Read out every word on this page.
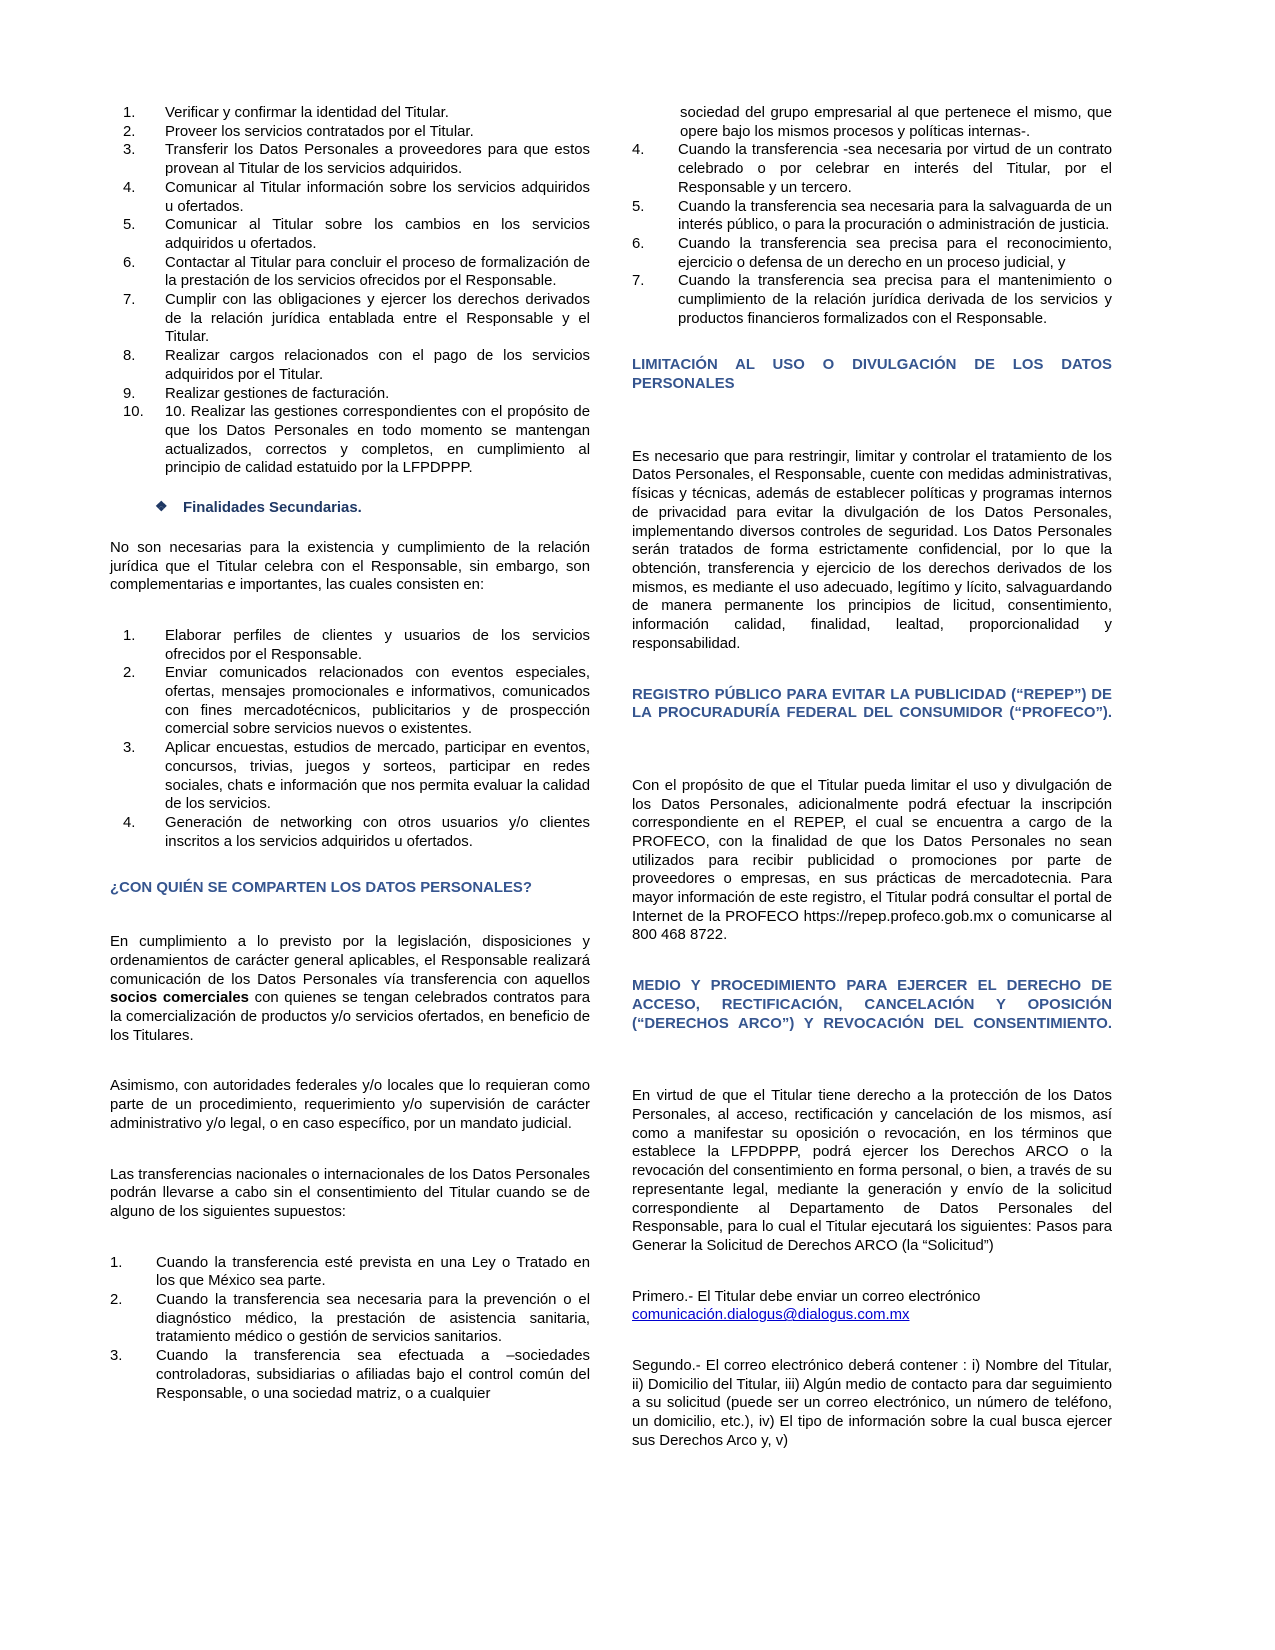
1.	Verificar y confirmar la identidad del Titular.
2.	Proveer los servicios contratados por el Titular.
3.	Transferir los Datos Personales a proveedores para que estos provean al Titular de los servicios adquiridos.
4.	Comunicar al Titular información sobre los servicios adquiridos u ofertados.
5.	Comunicar al Titular sobre los cambios en los servicios adquiridos u ofertados.
6.	Contactar al Titular para concluir el proceso de formalización de la prestación de los servicios ofrecidos por el Responsable.
7.	Cumplir con las obligaciones y ejercer los derechos derivados de la relación jurídica entablada entre el Responsable y el Titular.
8.	Realizar cargos relacionados con el pago de los servicios adquiridos por el Titular.
9.	Realizar gestiones de facturación.
10.	10. Realizar las gestiones correspondientes con el propósito de que los Datos Personales en todo momento se mantengan actualizados, correctos y completos, en cumplimiento al principio de calidad estatuido por la LFPDPPP.
❖ Finalidades Secundarias.

No son necesarias para la existencia y cumplimiento de la relación jurídica que el Titular celebra con el Responsable, sin embargo, son complementarias e importantes, las cuales consisten en:

1.	Elaborar perfiles de clientes y usuarios de los servicios ofrecidos por el Responsable.
2.	Enviar comunicados relacionados con eventos especiales, ofertas, mensajes promocionales e informativos, comunicados con fines mercadotécnicos, publicitarios y de prospección comercial sobre servicios nuevos o existentes.
3.	Aplicar encuestas, estudios de mercado, participar en eventos, concursos, trivias, juegos y sorteos, participar en redes sociales, chats e información que nos permita evaluar la calidad de los servicios.
4.	Generación de networking con otros usuarios y/o clientes inscritos a los servicios adquiridos u ofertados.
¿CON QUIÉN SE COMPARTEN LOS DATOS PERSONALES?

En cumplimiento a lo previsto por la legislación, disposiciones y ordenamientos de carácter general aplicables, el Responsable realizará comunicación de los Datos Personales vía transferencia con aquellos socios comerciales con quienes se tengan celebrados contratos para la comercialización de productos y/o servicios ofertados, en beneficio de los Titulares.

Asimismo, con autoridades federales y/o locales que lo requieran como parte de un procedimiento, requerimiento y/o supervisión de carácter administrativo y/o legal, o en caso específico, por un mandato judicial.

Las transferencias nacionales o internacionales de los Datos Personales podrán llevarse a cabo sin el consentimiento del Titular cuando se de alguno de los siguientes supuestos:

1.	Cuando la transferencia esté prevista en una Ley o Tratado en los que México sea parte.
2.	Cuando la transferencia sea necesaria para la prevención o el diagnóstico médico, la prestación de asistencia sanitaria, tratamiento médico o gestión de servicios sanitarios.
3.	Cuando la transferencia sea efectuada a –sociedades controladoras, subsidiarias o afiliadas bajo el control común del Responsable, o una sociedad matriz, o a cualquier
sociedad del grupo empresarial al que pertenece el mismo, que opere bajo los mismos procesos y políticas internas-.
4.	Cuando la transferencia -sea necesaria por virtud de un contrato celebrado o por celebrar en interés del Titular, por el Responsable y un tercero.
5.	Cuando la transferencia sea necesaria para la salvaguarda de un interés público, o para la procuración o administración de justicia.
6.	Cuando la transferencia sea precisa para el reconocimiento, ejercicio o defensa de un derecho en un proceso judicial, y
7.	Cuando la transferencia sea precisa para el mantenimiento o cumplimiento de la relación jurídica derivada de los servicios y productos financieros formalizados con el Responsable.
LIMITACIÓN AL USO O DIVULGACIÓN DE LOS DATOS PERSONALES

Es necesario que para restringir, limitar y controlar el tratamiento de los Datos Personales, el Responsable, cuente con medidas administrativas, físicas y técnicas, además de establecer políticas y programas internos de privacidad para evitar la divulgación de los Datos Personales, implementando diversos controles de seguridad. Los Datos Personales serán tratados de forma estrictamente confidencial, por lo que la obtención, transferencia y ejercicio de los derechos derivados de los mismos, es mediante el uso adecuado, legítimo y lícito, salvaguardando de manera permanente los principios de licitud, consentimiento, información calidad, finalidad, lealtad, proporcionalidad y responsabilidad.

REGISTRO PÚBLICO PARA EVITAR LA PUBLICIDAD (“REPEP”) DE LA PROCURADURÍA FEDERAL DEL CONSUMIDOR (“PROFECO”).

Con el propósito de que el Titular pueda limitar el uso y divulgación de los Datos Personales, adicionalmente podrá efectuar la inscripción correspondiente en el REPEP, el cual se encuentra a cargo de la PROFECO, con la finalidad de que los Datos Personales no sean utilizados para recibir publicidad o promociones por parte de proveedores o empresas, en sus prácticas de mercadotecnia. Para mayor información de este registro, el Titular podrá consultar el portal de Internet de la PROFECO https://repep.profeco.gob.mx o comunicarse al 800 468 8722.

MEDIO Y PROCEDIMIENTO PARA EJERCER EL DERECHO DE ACCESO, RECTIFICACIÓN, CANCELACIÓN Y OPOSICIÓN (“DERECHOS ARCO”) Y REVOCACIÓN DEL CONSENTIMIENTO.

En virtud de que el Titular tiene derecho a la protección de los Datos Personales, al acceso, rectificación y cancelación de los mismos, así como a manifestar su oposición o revocación, en los términos que establece la LFPDPPP, podrá ejercer los Derechos ARCO o la revocación del consentimiento en forma personal, o bien, a través de su representante legal, mediante la generación y envío de la solicitud correspondiente al Departamento de Datos Personales del Responsable, para lo cual el Titular ejecutará los siguientes: Pasos para Generar la Solicitud de Derechos ARCO (la “Solicitud”)

Primero.- El Titular debe enviar un correo electrónico

comunicación.dialogus@dialogus.com.mx

Segundo.- El correo electrónico deberá contener : i) Nombre del Titular, ii) Domicilio del Titular, iii) Algún medio de contacto para dar seguimiento a su solicitud (puede ser un correo electrónico, un número de teléfono, un domicilio, etc.), iv) El tipo de información sobre la cual busca ejercer sus Derechos Arco y, v)
